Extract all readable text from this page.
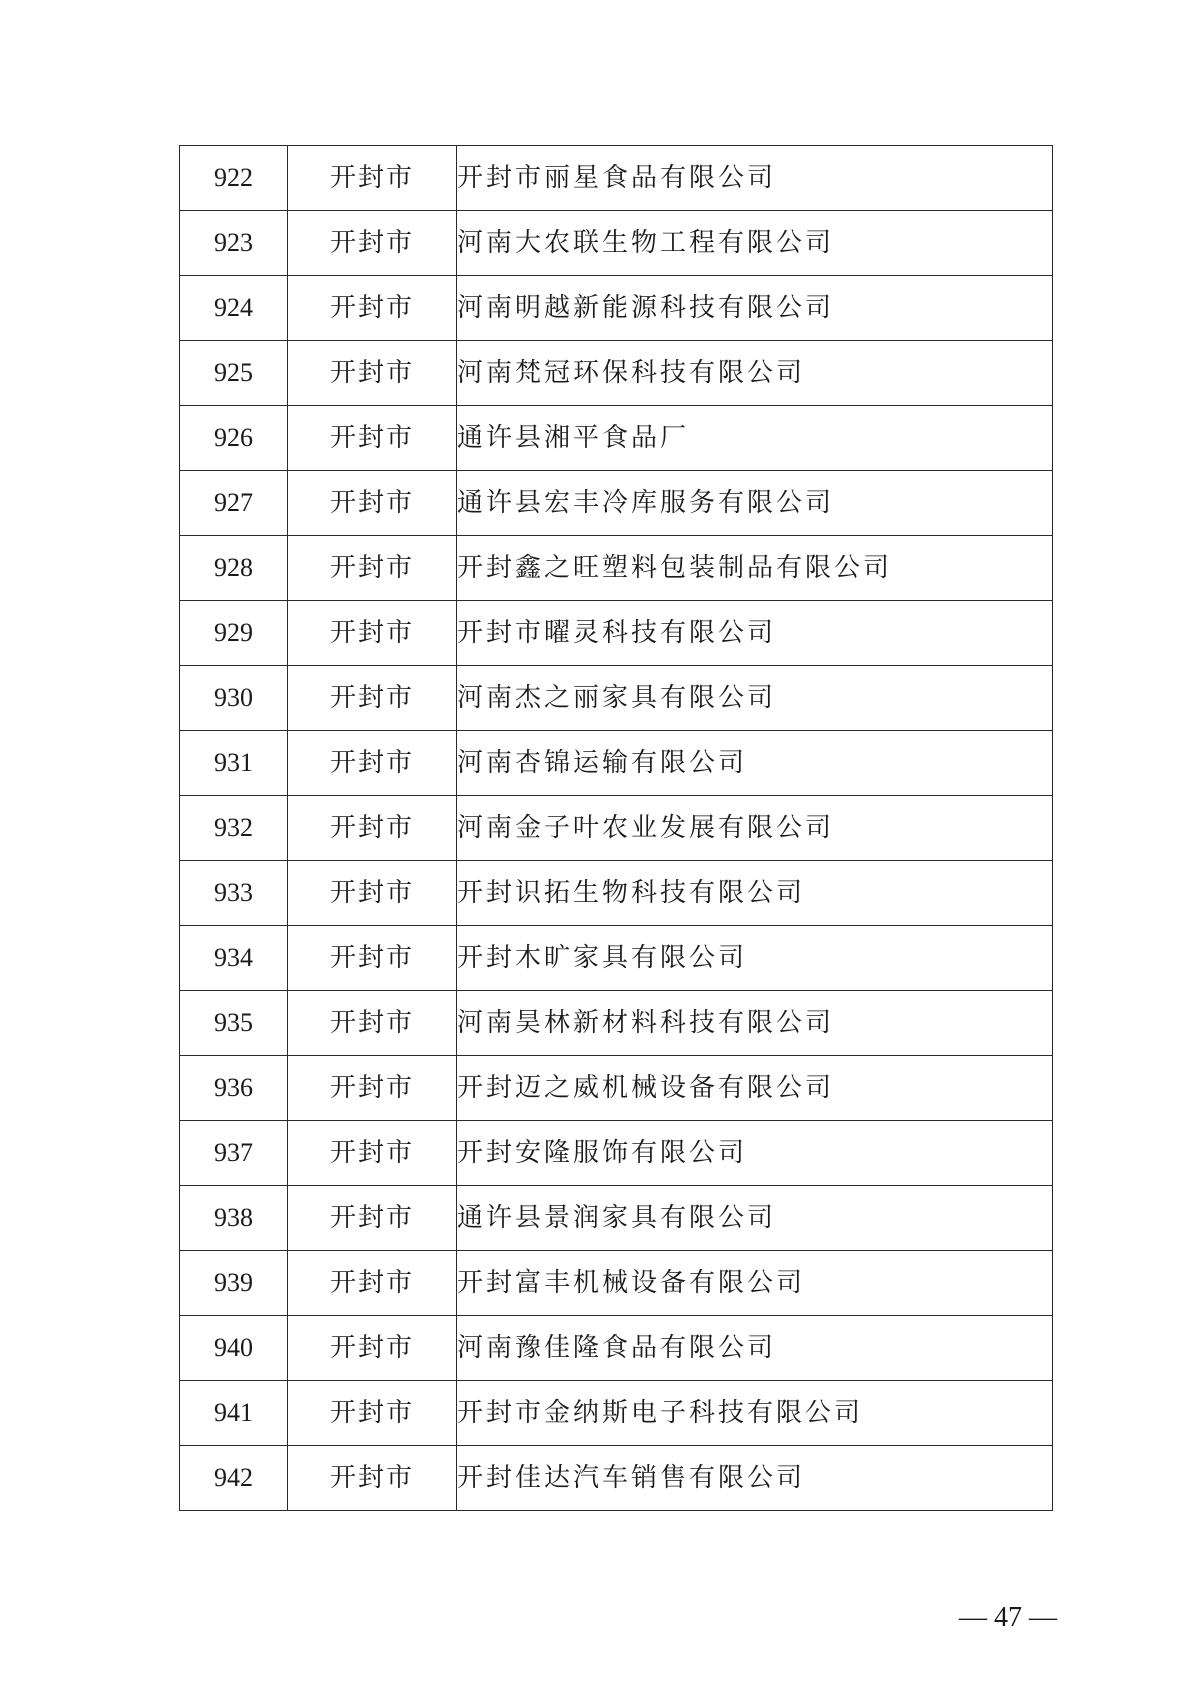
922	开封市	开封市丽星食品有限公司
923	开封市	河南大农联生物工程有限公司
924	开封市	河南明越新能源科技有限公司
925	开封市	河南梵冠环保科技有限公司
926	开封市	通许县湘平食品厂
927	开封市	通许县宏丰冷库服务有限公司
928	开封市	开封鑫之旺塑料包装制品有限公司
929	开封市	开封市曜灵科技有限公司
930	开封市	河南杰之丽家具有限公司
931	开封市	河南杏锦运输有限公司
932	开封市	河南金子叶农业发展有限公司
933	开封市	开封识拓生物科技有限公司
934	开封市	开封木旷家具有限公司
935	开封市	河南昊林新材料科技有限公司
936	开封市	开封迈之威机械设备有限公司
937	开封市	开封安隆服饰有限公司
938	开封市	通许县景润家具有限公司
939	开封市	开封富丰机械设备有限公司
940	开封市	河南豫佳隆食品有限公司
941	开封市	开封市金纳斯电子科技有限公司
942	开封市	开封佳达汽车销售有限公司
— 47 —
